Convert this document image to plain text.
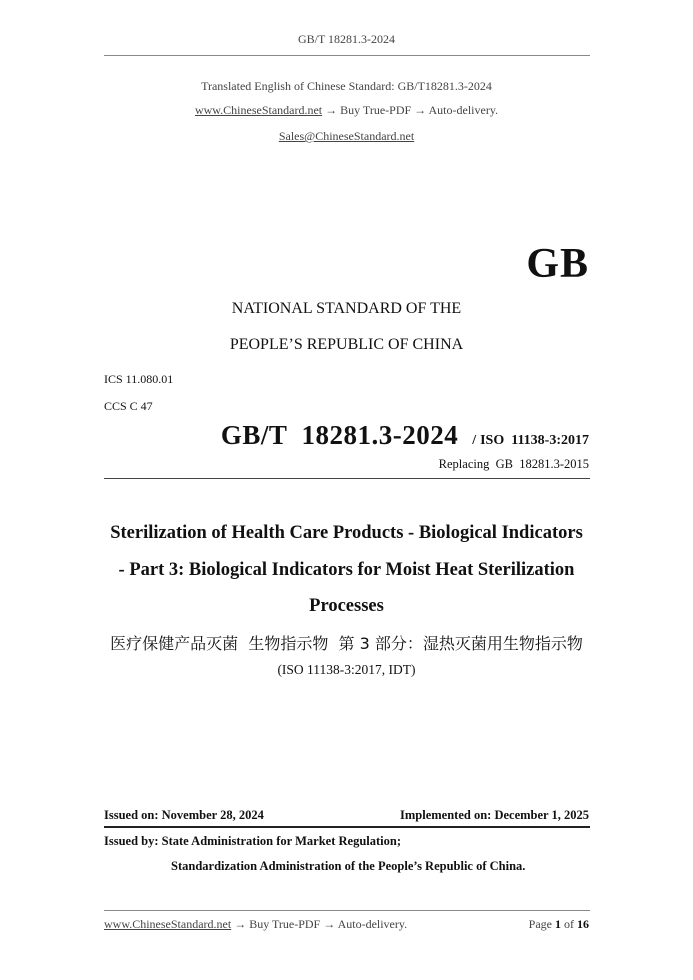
GB/T 18281.3-2024
Translated English of Chinese Standard: GB/T18281.3-2024
www.ChineseStandard.net → Buy True-PDF → Auto-delivery.
Sales@ChineseStandard.net
GB
NATIONAL STANDARD OF THE
PEOPLE’S REPUBLIC OF CHINA
ICS 11.080.01
CCS C 47
GB/T  18281.3-2024 / ISO  11138-3:2017
Replacing  GB  18281.3-2015
Sterilization of Health Care Products - Biological Indicators
- Part 3: Biological Indicators for Moist Heat Sterilization
Processes
医疗保健产品灭菌  生物指示物  第 3 部分：湿热灭菌用生物指示物
(ISO 11138-3:2017, IDT)
Issued on: November 28, 2024	Implemented on: December 1, 2025
Issued by: State Administration for Market Regulation;
Standardization Administration of the People’s Republic of China.
www.ChineseStandard.net → Buy True-PDF → Auto-delivery.	Page 1 of 16
